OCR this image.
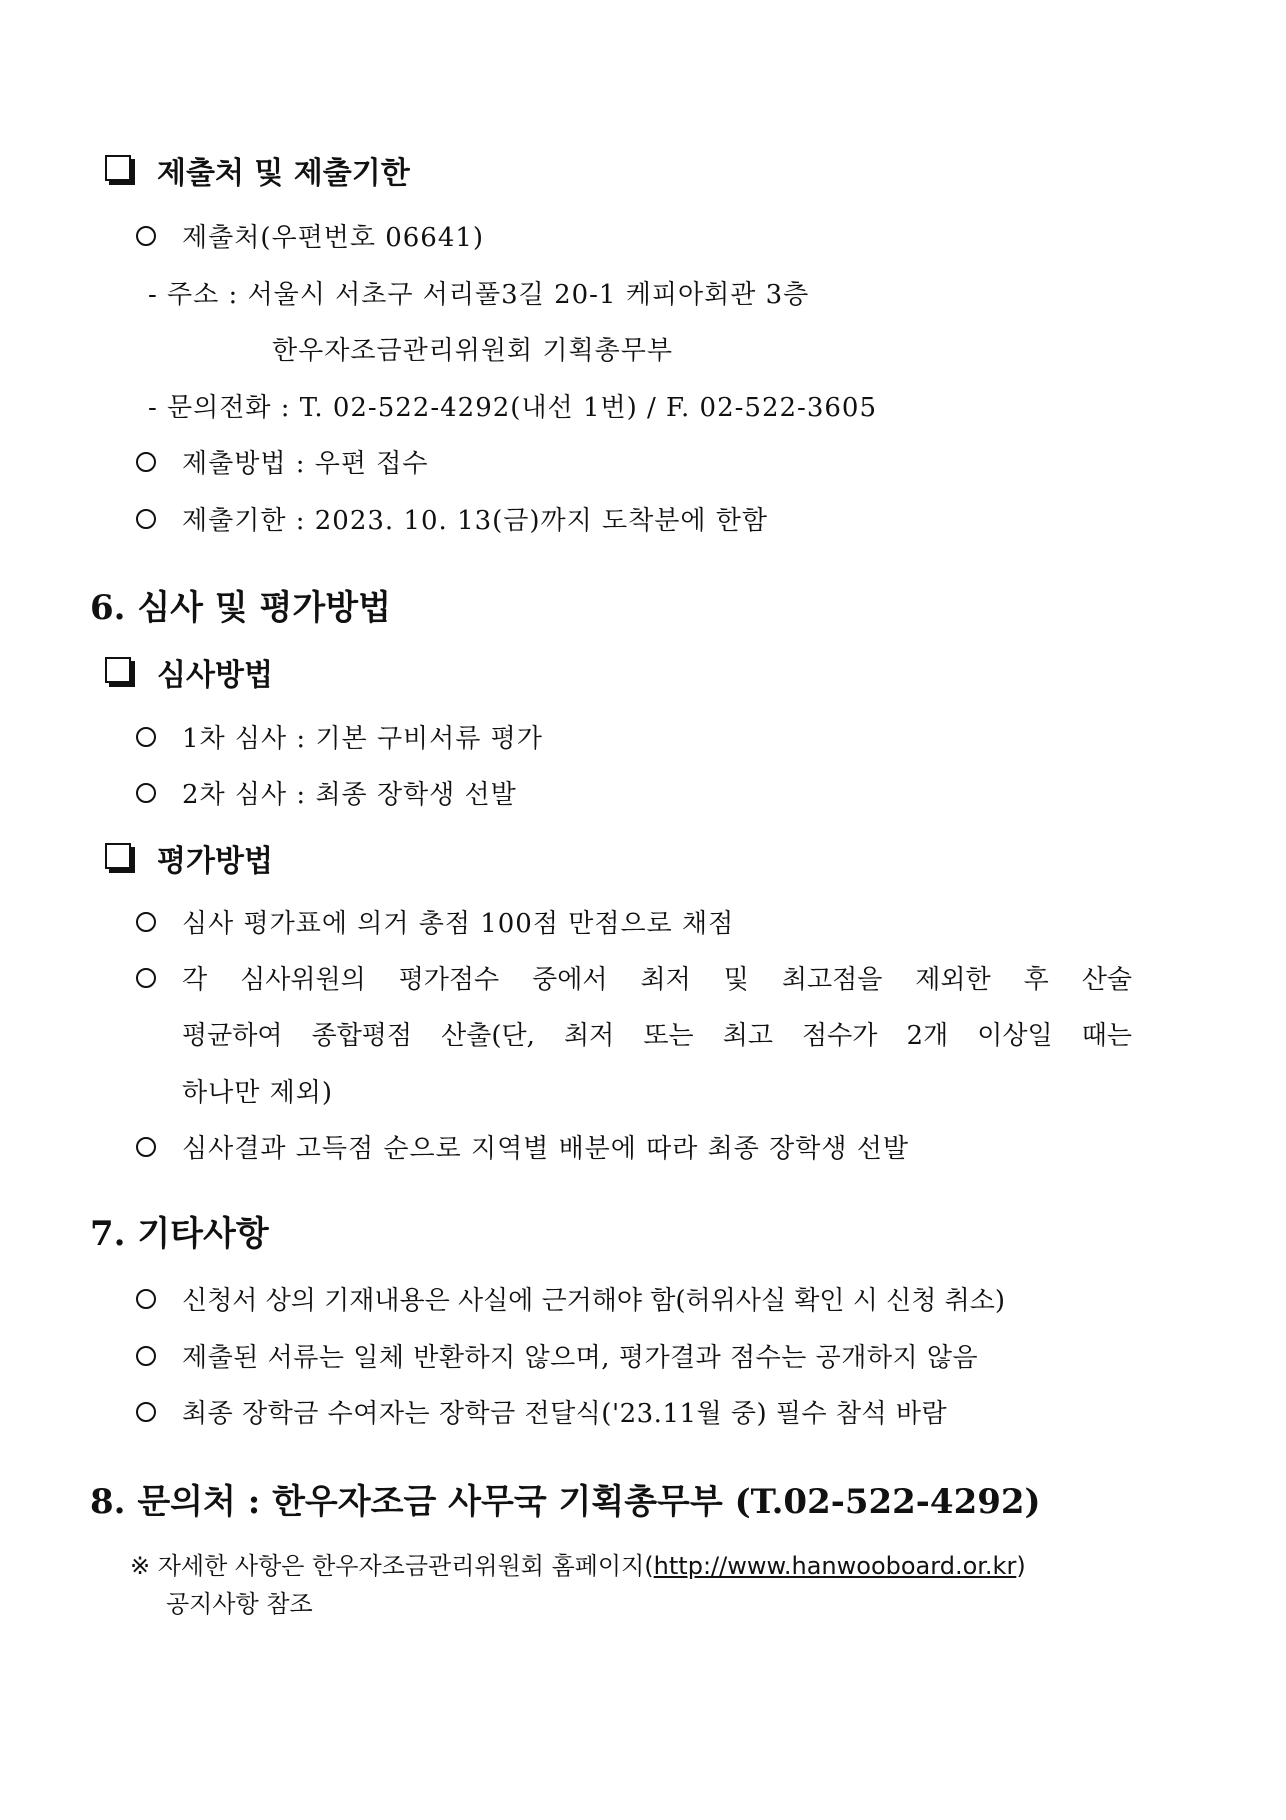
제출처 및 제출기한
제출처(우편번호 06641)
- 주소 : 서울시 서초구 서리풀3길 20-1 케피아회관 3층
한우자조금관리위원회 기획총무부
- 문의전화 : T. 02-522-4292(내선 1번) / F. 02-522-3605
제출방법 : 우편 접수
제출기한 : 2023. 10. 13(금)까지 도착분에 한함
6. 심사 및 평가방법
심사방법
1차 심사 : 기본 구비서류 평가
2차 심사 : 최종 장학생 선발
평가방법
심사 평가표에 의거 총점 100점 만점으로 채점
각 심사위원의 평가점수 중에서 최저 및 최고점을 제외한 후 산술
평균하여 종합평점 산출(단, 최저 또는 최고 점수가 2개 이상일 때는
하나만 제외)
심사결과 고득점 순으로 지역별 배분에 따라 최종 장학생 선발
7. 기타사항
신청서 상의 기재내용은 사실에 근거해야 함(허위사실 확인 시 신청 취소)
제출된 서류는 일체 반환하지 않으며, 평가결과 점수는 공개하지 않음
최종 장학금 수여자는 장학금 전달식('23.11월 중) 필수 참석 바람
8. 문의처 : 한우자조금 사무국 기획총무부 (T.02-522-4292)
※ 자세한 사항은 한우자조금관리위원회 홈페이지(http://www.hanwooboard.or.kr)
공지사항 참조
